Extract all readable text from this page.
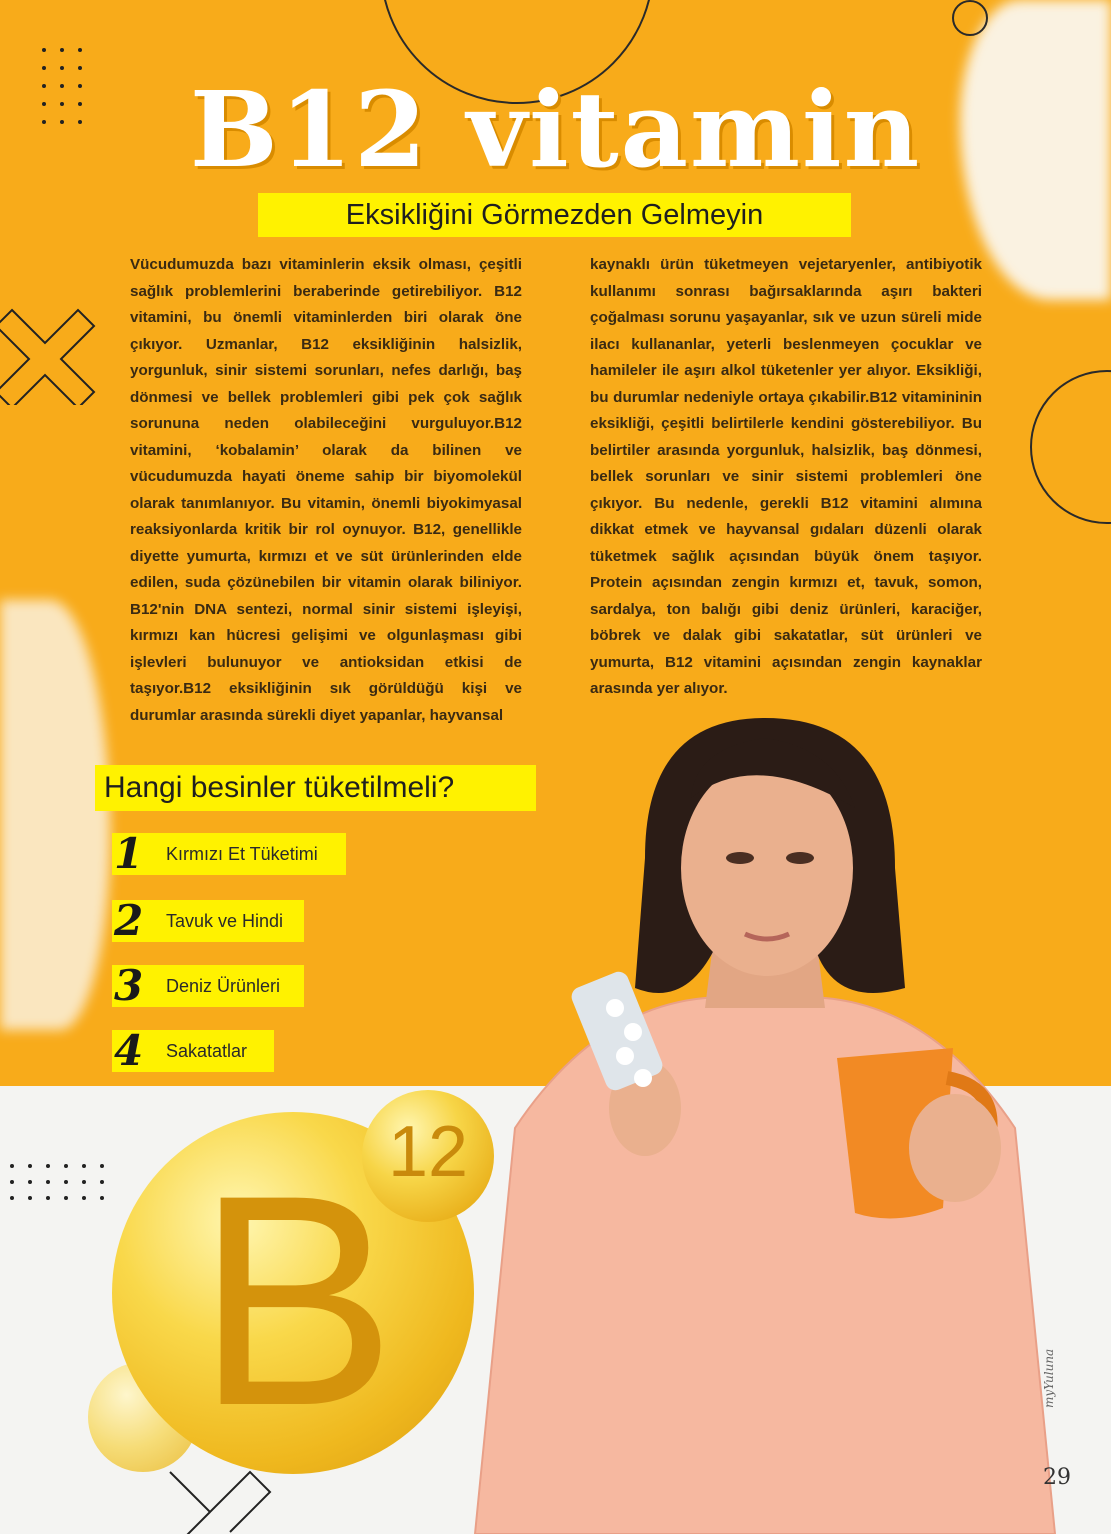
B12 vitamin
Eksikliğini Görmezden Gelmeyin
Vücudumuzda bazı vitaminlerin eksik olması, çeşitli sağlık problemlerini beraberinde getirebiliyor. B12 vitamini, bu önemli vitaminlerden biri olarak öne çıkıyor. Uzmanlar, B12 eksikliğinin halsizlik, yorgunluk, sinir sistemi sorunları, nefes darlığı, baş dönmesi ve bellek problemleri gibi pek çok sağlık sorununa neden olabileceğini vurguluyor.B12 vitamini, ‘kobalamin’ olarak da bilinen ve vücudumuzda hayati öneme sahip bir biyomolekül olarak tanımlanıyor. Bu vitamin, önemli biyokimyasal reaksiyonlarda kritik bir rol oynuyor. B12, genellikle diyette yumurta, kırmızı et ve süt ürünlerinden elde edilen, suda çözünebilen bir vitamin olarak biliniyor. B12'nin DNA sentezi, normal sinir sistemi işleyişi, kırmızı kan hücresi gelişimi ve olgunlaşması gibi işlevleri bulunuyor ve antioksidan etkisi de taşıyor.B12 eksikliğinin sık görüldüğü kişi ve durumlar arasında sürekli diyet yapanlar, hayvansal
kaynaklı ürün tüketmeyen vejetaryenler, antibiyotik kullanımı sonrası bağırsaklarında aşırı bakteri çoğalması sorunu yaşayanlar, sık ve uzun süreli mide ilacı kullananlar, yeterli beslenmeyen çocuklar ve hamileler ile aşırı alkol tüketenler yer alıyor. Eksikliği, bu durumlar nedeniyle ortaya çıkabilir.B12 vitamininin eksikliği, çeşitli belirtilerle kendini gösterebiliyor. Bu belirtiler arasında yorgunluk, halsizlik, baş dönmesi, bellek sorunları ve sinir sistemi problemleri öne çıkıyor. Bu nedenle, gerekli B12 vitamini alımına dikkat etmek ve hayvansal gıdaları düzenli olarak tüketmek sağlık açısından büyük önem taşıyor. Protein açısından zengin kırmızı et, tavuk, somon, sardalya, ton balığı gibi deniz ürünleri, karaciğer, böbrek ve dalak gibi sakatatlar, süt ürünleri ve yumurta, B12 vitamini açısından zengin kaynaklar arasında yer alıyor.
Hangi besinler tüketilmeli?
1 Kırmızı Et Tüketimi
2 Tavuk ve Hindi
3 Deniz Ürünleri
4 Sakatatlar
B
12
myYuluna
29
